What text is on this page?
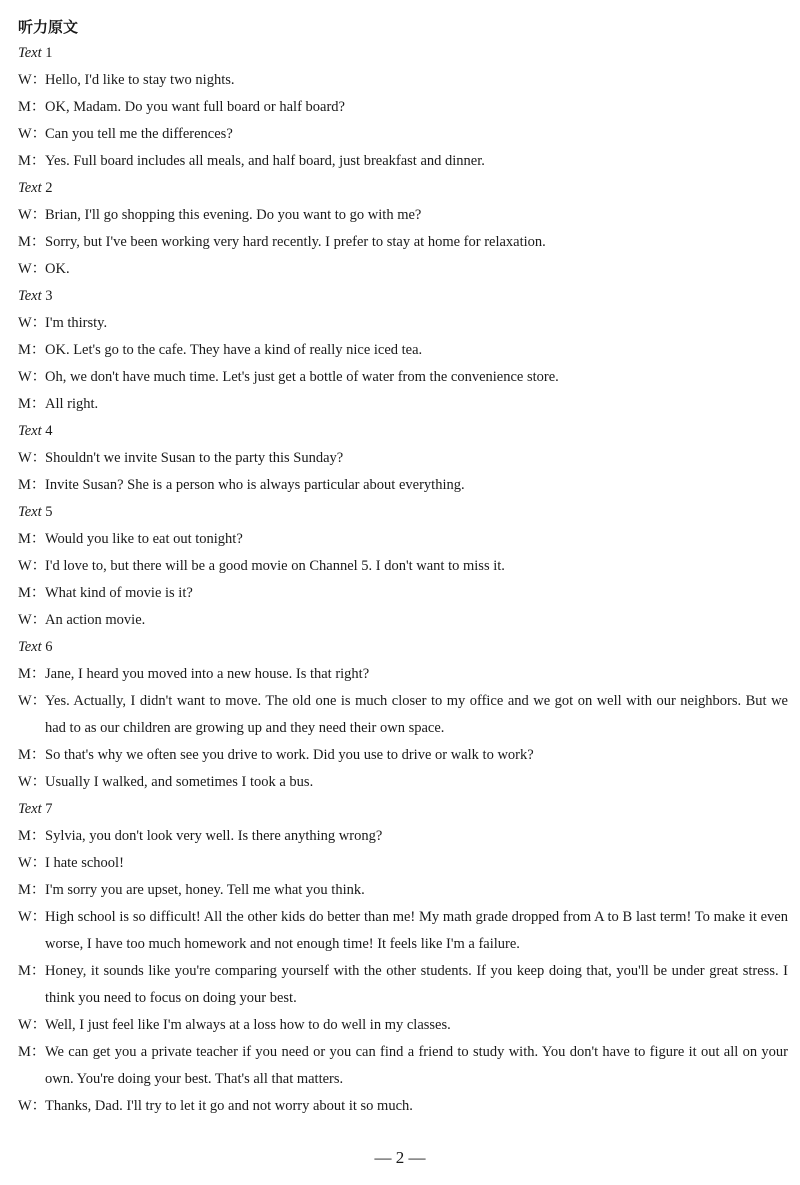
听力原文
Text 1
W：
Hello, I'd like to stay two nights.
M： OK, Madam. Do you want full board or half board?
W：
Can you tell me the differences?
M： Yes. Full board includes all meals, and half board, just breakfast and dinner.
Text 2
W：
Brian, I'll go shopping this evening. Do you want to go with me?
M： Sorry, but I've been working very hard recently. I prefer to stay at home for relaxation.
W：
OK.
Text 3
W：
I'm thirsty.
M： OK. Let's go to the cafe. They have a kind of really nice iced tea.
W：
Oh, we don't have much time. Let's just get a bottle of water from the convenience store.
M： All right.
Text 4
W：
Shouldn't we invite Susan to the party this Sunday?
M： Invite Susan? She is a person who is always particular about everything.
Text 5
M： Would you like to eat out tonight?
W：
I'd love to, but there will be a good movie on Channel 5. I don't want to miss it.
M： What kind of movie is it?
W：
An action movie.
Text 6
M： Jane, I heard you moved into a new house. Is that right?
W：
Yes. Actually, I didn't want to move. The old one is much closer to my office and we got on well with our neighbors. But we had to as our children are growing up and they need their own space.
M： So that's why we often see you drive to work. Did you use to drive or walk to work?
W：
Usually I walked, and sometimes I took a bus.
Text 7
M： Sylvia, you don't look very well. Is there anything wrong?
W：
I hate school!
M： I'm sorry you are upset, honey. Tell me what you think.
W：
High school is so difficult! All the other kids do better than me! My math grade dropped from A to B last term! To make it even worse, I have too much homework and not enough time! It feels like I'm a failure.
M： Honey, it sounds like you're comparing yourself with the other students. If you keep doing that, you'll be under great stress. I think you need to focus on doing your best.
W：
Well, I just feel like I'm always at a loss how to do well in my classes.
M： We can get you a private teacher if you need or you can find a friend to study with. You don't have to figure it out all on your own. You're doing your best. That's all that matters.
W：
Thanks, Dad. I'll try to let it go and not worry about it so much.
— 2 —
